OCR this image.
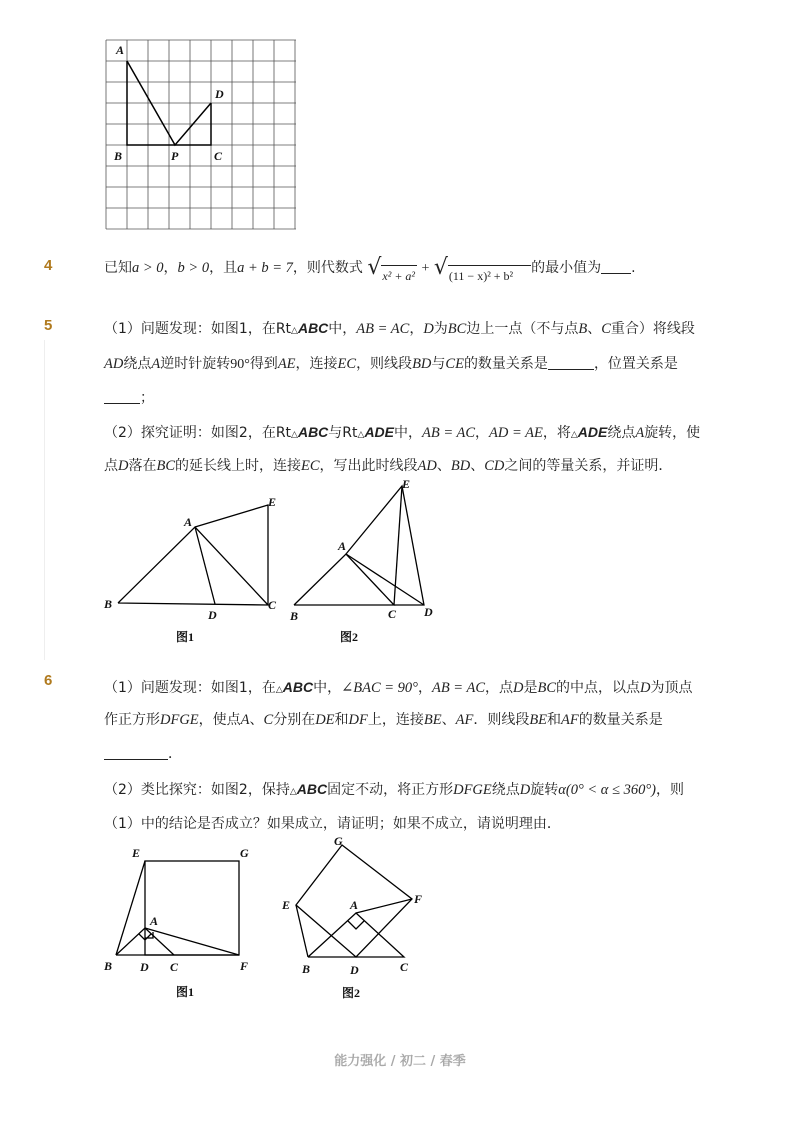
A
B	P	C
D
4	已知a > 0，b > 0，且a + b = 7，则代数式 √x² + a² + √(11 − x)² + b² 的最小值为 .
5	（1）问题发现：如图1，在Rt△ABC中，AB = AC，D为BC边上一点（不与点B、C重合）将线段
AD绕点A逆时针旋转90°得到AE，连接EC，则线段BD与CE的数量关系是	，位置关系是
；
（2）探究证明：如图2，在Rt△ABC与Rt△ADE中，AB = AC，AD = AE，将△ADE绕点A旋转，使
点D落在BC的延长线上时，连接EC，写出此时线段AD、BD、CD之间的等量关系，并证明．
A
E
B
D
C
图1
E
A
B	C D
图2
6	（1）问题发现：如图1，在△ABC中，∠BAC = 90°，AB = AC，点D是BC的中点，以点D为顶点
作正方形DFGE，使点A、C分别在DE和DF上，连接BE、AF．则线段BE和AF的数量关系是
．
（2）类比探究：如图2，保持△ABC固定不动，将正方形DFGE绕点D旋转α(0° < α ≤ 360°)，则
（1）中的结论是否成立？如果成立，请证明；如果不成立，请说明理由．
E	G
A
B D C	F
图1
G
E	A	F
B	D	C
图2
能力强化 / 初二 / 春季
